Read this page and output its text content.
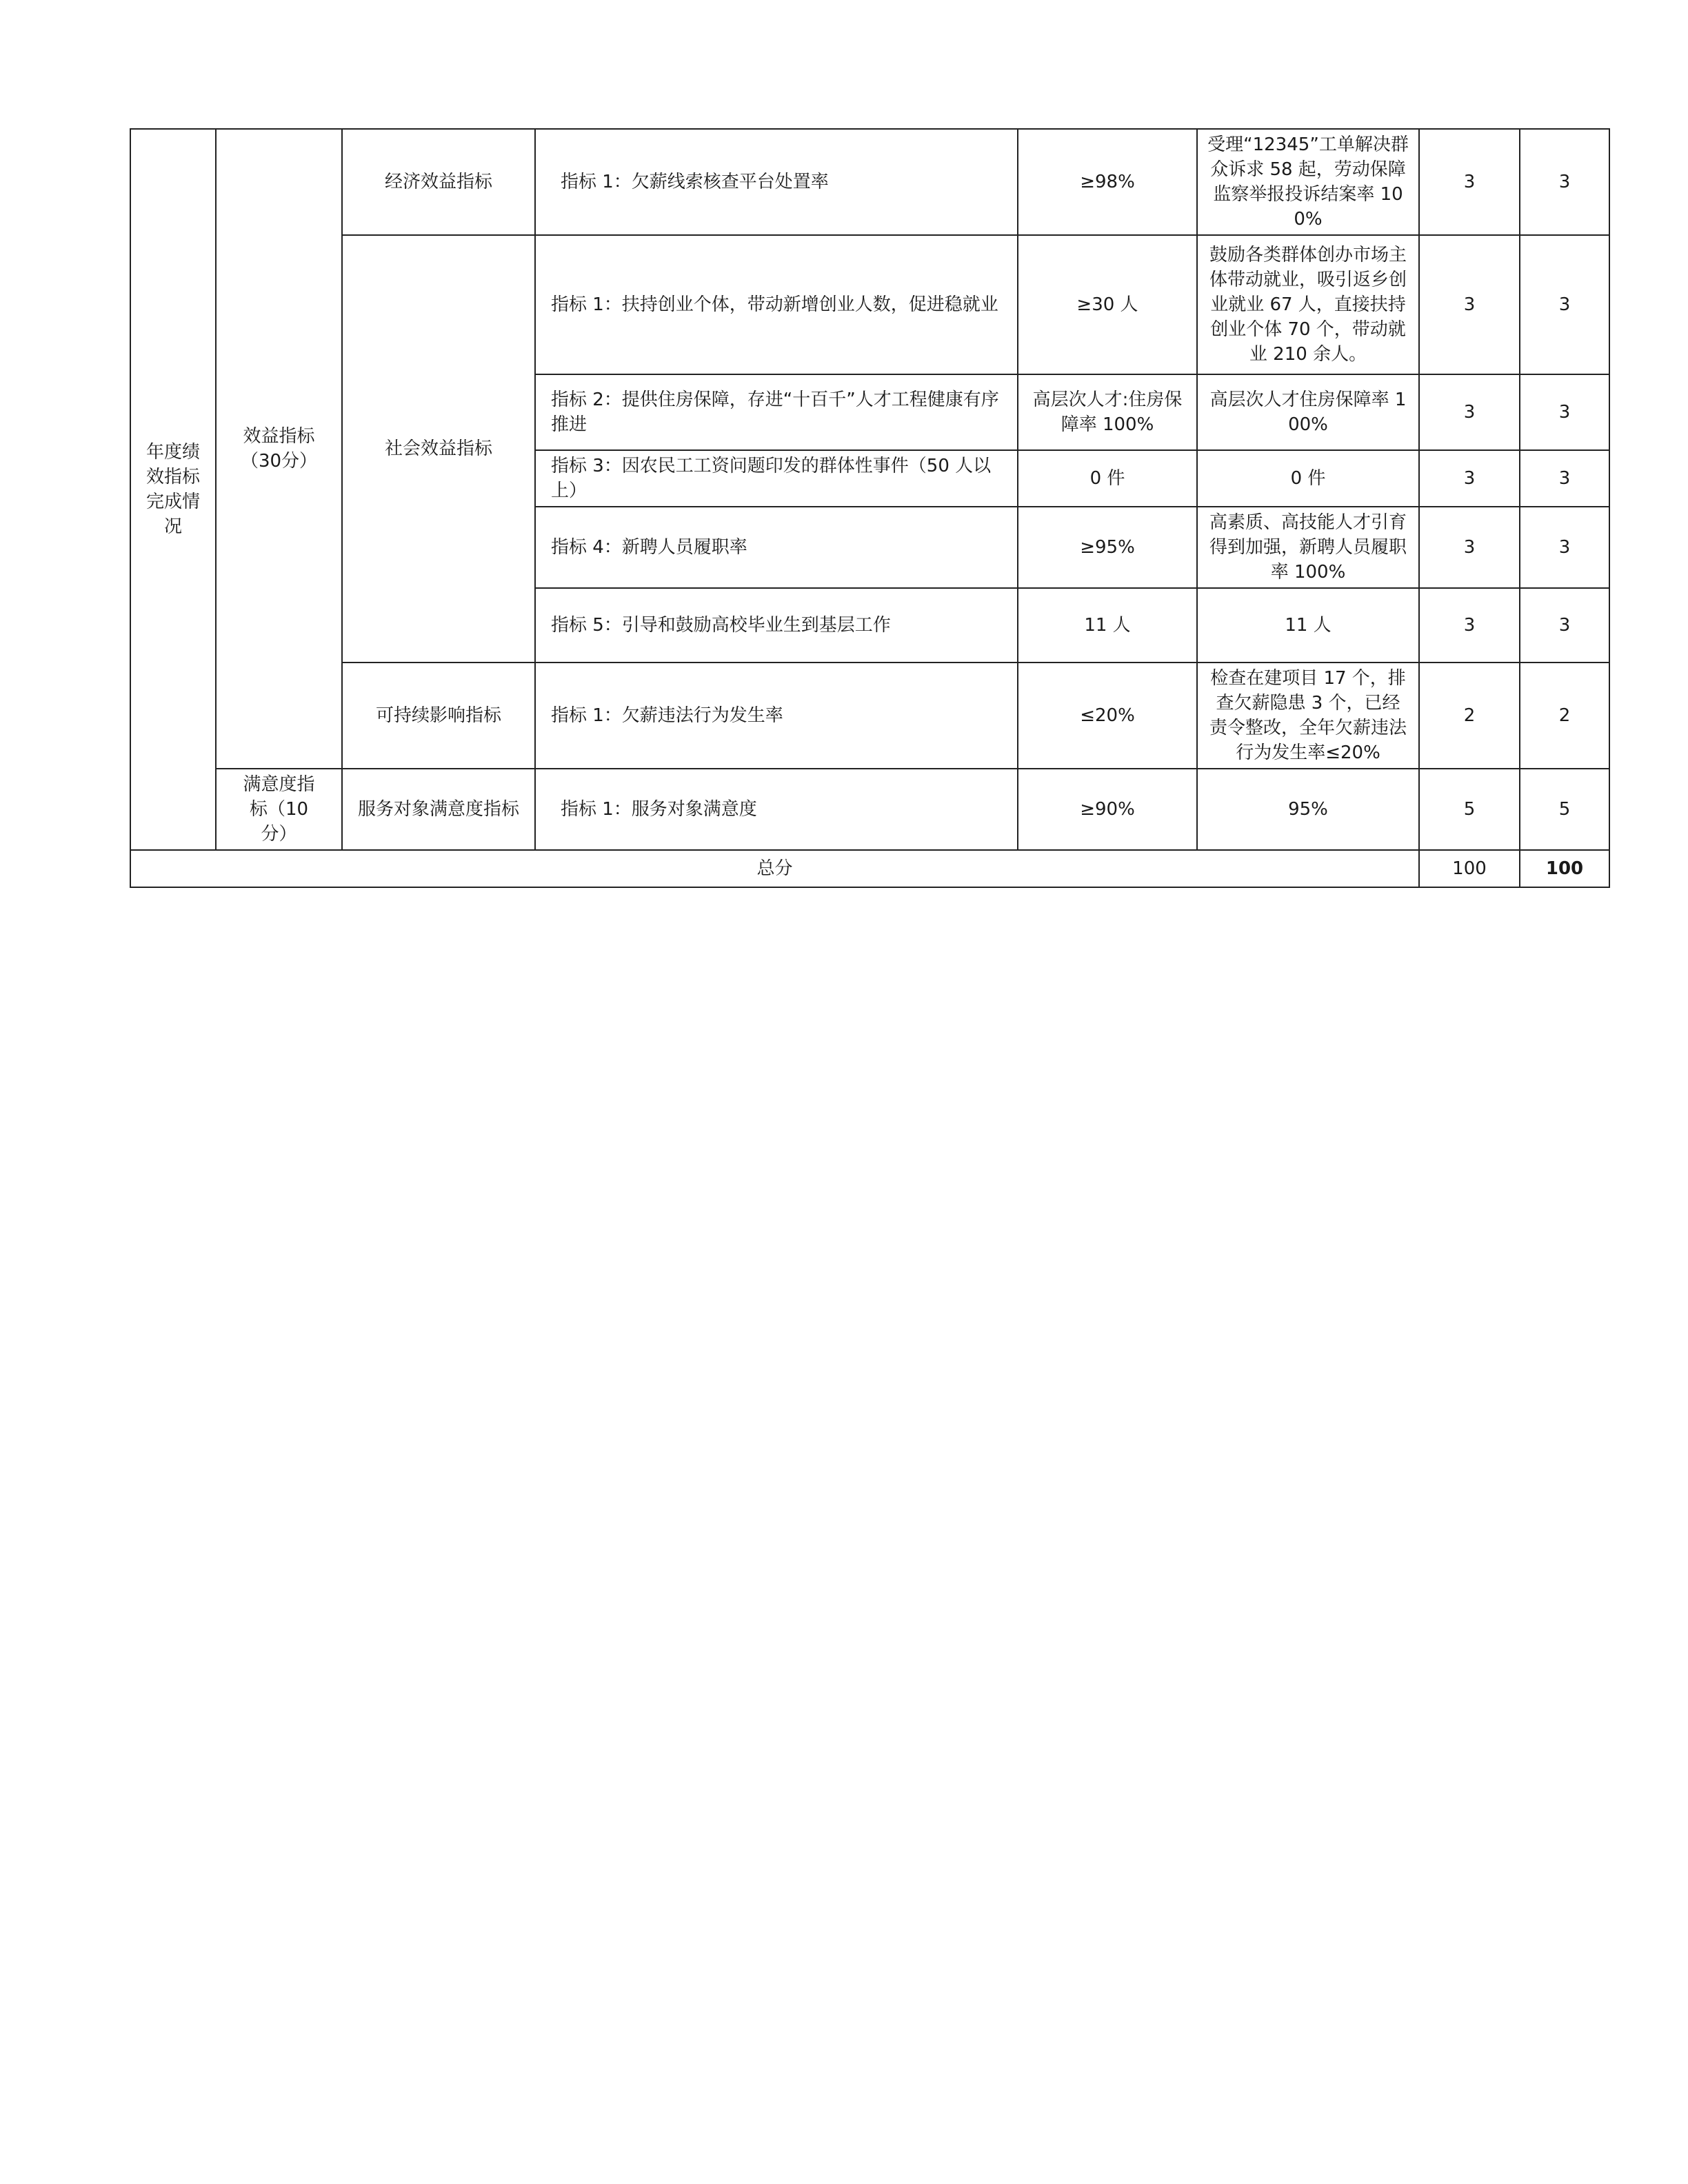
年度绩效指标完成情况	效益指标（30分）	经济效益指标	指标 1：欠薪线索核查平台处置率	≥98%	受理“12345”工单解决群众诉求 58 起，劳动保障监察举报投诉结案率 100%	3	3
		社会效益指标	指标 1：扶持创业个体，带动新增创业人数，促进稳就业	≥30 人	鼓励各类群体创办市场主体带动就业，吸引返乡创业就业 67 人，直接扶持创业个体 70 个，带动就业 210 余人。	3	3
			指标 2：提供住房保障，存进“十百千”人才工程健康有序推进	高层次人才:住房保障率 100%	高层次人才住房保障率 100%	3	3
			指标 3：因农民工工资问题印发的群体性事件（50 人以上）	0 件	0 件	3	3
			指标 4：新聘人员履职率	≥95%	高素质、高技能人才引育得到加强，新聘人员履职率 100%	3	3
			指标 5：引导和鼓励高校毕业生到基层工作	11 人	11 人	3	3
		可持续影响指标	指标 1：欠薪违法行为发生率	≤20%	检查在建项目 17 个，排查欠薪隐患 3 个，已经责令整改，全年欠薪违法行为发生率≤20%	2	2

	满意度指标（10分）	服务对象满意度指标	指标 1：服务对象满意度	≥90%	95%	5	5
总分						100	100
